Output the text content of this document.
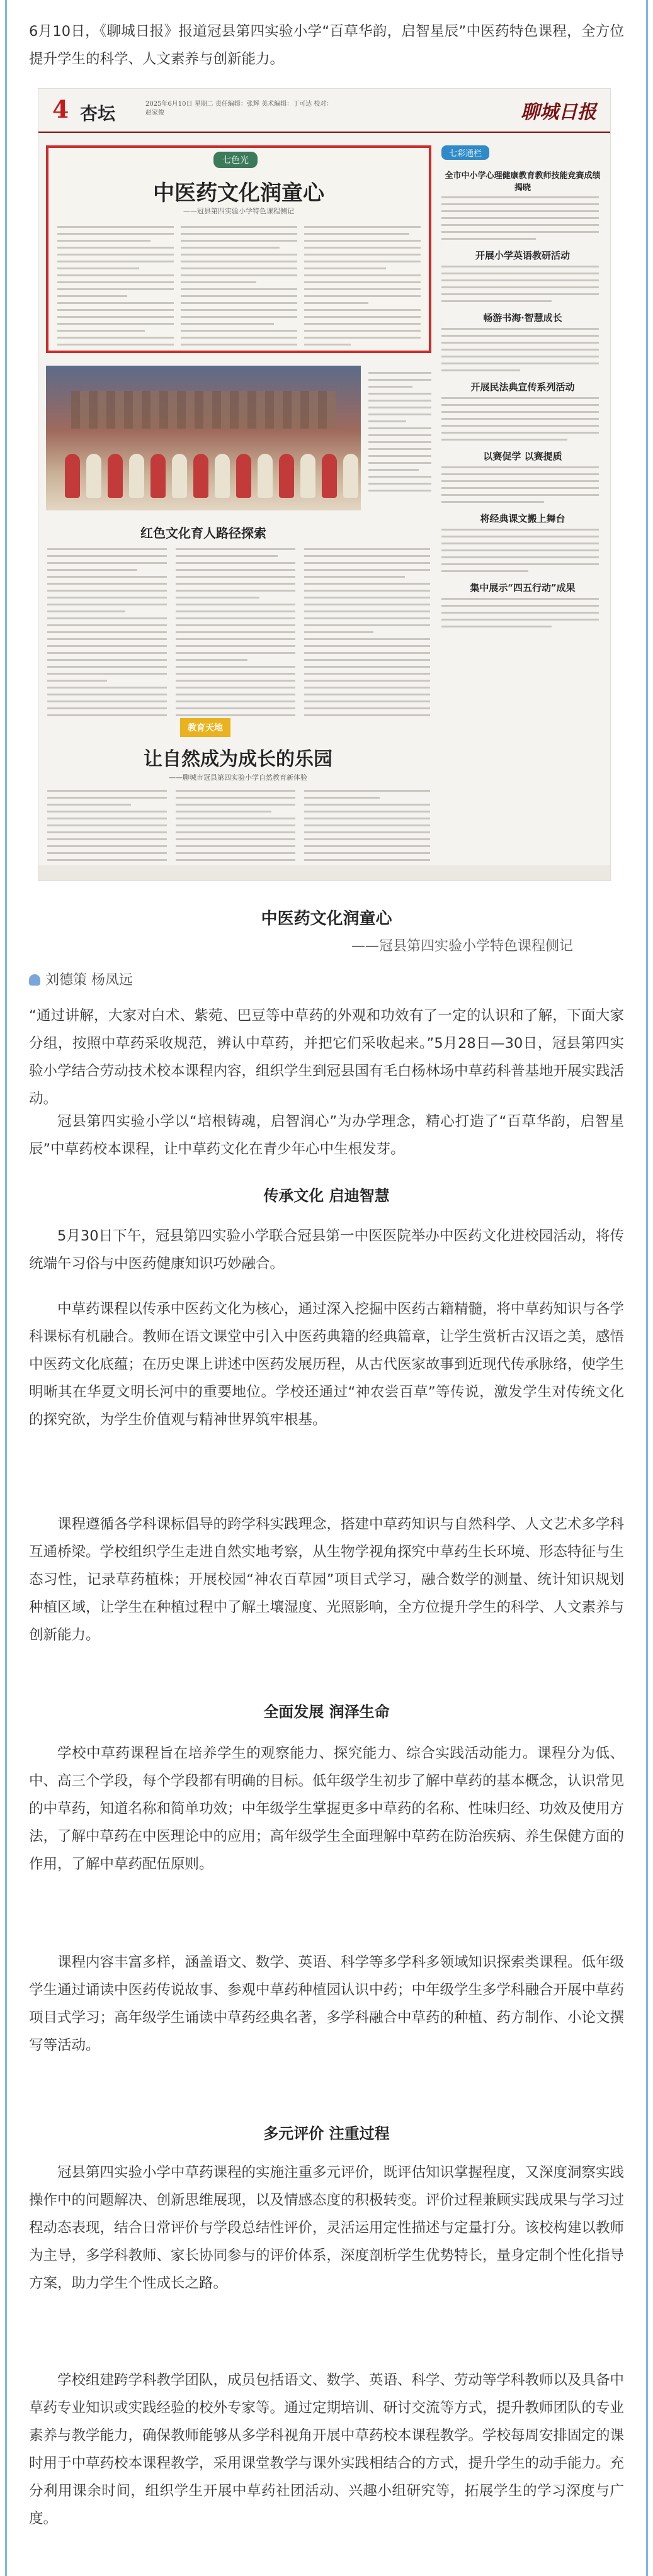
6月10日，《聊城日报》报道冠县第四实验小学“百草华韵，启智星辰”中医药特色课程，全方位提升学生的科学、人文素养与创新能力。

4 杏坛	2025年6月10日 星期二 责任编辑：张辉 美术编辑：丁可达 校对：赵家俊	聊城日报
七色光
中医药文化润童心
——冠县第四实验小学特色课程侧记
红色文化育人路径探索
教育天地
让自然成为成长的乐园
——聊城市冠县第四实验小学自然教育新体验
七彩通栏
全市中小学心理健康教育教师技能竞赛成绩揭晓
开展小学英语教研活动
畅游书海·智慧成长
开展民法典宣传系列活动
以赛促学 以赛提质
将经典课文搬上舞台
集中展示“四五行动”成果
中医药文化润童心
——冠县第四实验小学特色课程侧记
刘德策 杨凤远

“通过讲解，大家对白术、紫菀、巴豆等中草药的外观和功效有了一定的认识和了解，下面大家分组，按照中草药采收规范，辨认中草药，并把它们采收起来。”5月28日—30日，冠县第四实验小学结合劳动技术校本课程内容，组织学生到冠县国有毛白杨林场中草药科普基地开展实践活动。

冠县第四实验小学以“培根铸魂，启智润心”为办学理念，精心打造了“百草华韵，启智星辰”中草药校本课程，让中草药文化在青少年心中生根发芽。

传承文化 启迪智慧

5月30日下午，冠县第四实验小学联合冠县第一中医医院举办中医药文化进校园活动，将传统端午习俗与中医药健康知识巧妙融合。

中草药课程以传承中医药文化为核心，通过深入挖掘中医药古籍精髓，将中草药知识与各学科课标有机融合。教师在语文课堂中引入中医药典籍的经典篇章，让学生赏析古汉语之美，感悟中医药文化底蕴；在历史课上讲述中医药发展历程，从古代医家故事到近现代传承脉络，使学生明晰其在华夏文明长河中的重要地位。学校还通过“神农尝百草”等传说，激发学生对传统文化的探究欲，为学生价值观与精神世界筑牢根基。

课程遵循各学科课标倡导的跨学科实践理念，搭建中草药知识与自然科学、人文艺术多学科互通桥梁。学校组织学生走进自然实地考察，从生物学视角探究中草药生长环境、形态特征与生态习性，记录草药植株；开展校园“神农百草园”项目式学习，融合数学的测量、统计知识规划种植区域，让学生在种植过程中了解土壤湿度、光照影响，全方位提升学生的科学、人文素养与创新能力。

全面发展 润泽生命

学校中草药课程旨在培养学生的观察能力、探究能力、综合实践活动能力。课程分为低、中、高三个学段，每个学段都有明确的目标。低年级学生初步了解中草药的基本概念，认识常见的中草药，知道名称和简单功效；中年级学生掌握更多中草药的名称、性味归经、功效及使用方法，了解中草药在中医理论中的应用；高年级学生全面理解中草药在防治疾病、养生保健方面的作用，了解中草药配伍原则。

课程内容丰富多样，涵盖语文、数学、英语、科学等多学科多领域知识探索类课程。低年级学生通过诵读中医药传说故事、参观中草药种植园认识中药；中年级学生多学科融合开展中草药项目式学习；高年级学生诵读中草药经典名著，多学科融合中草药的种植、药方制作、小论文撰写等活动。

多元评价 注重过程

冠县第四实验小学中草药课程的实施注重多元评价，既评估知识掌握程度，又深度洞察实践操作中的问题解决、创新思维展现，以及情感态度的积极转变。评价过程兼顾实践成果与学习过程动态表现，结合日常评价与学段总结性评价，灵活运用定性描述与定量打分。该校构建以教师为主导，多学科教师、家长协同参与的评价体系，深度剖析学生优势特长，量身定制个性化指导方案，助力学生个性成长之路。

学校组建跨学科教学团队，成员包括语文、数学、英语、科学、劳动等学科教师以及具备中草药专业知识或实践经验的校外专家等。通过定期培训、研讨交流等方式，提升教师团队的专业素养与教学能力，确保教师能够从多学科视角开展中草药校本课程教学。学校每周安排固定的课时用于中草药校本课程教学，采用课堂教学与课外实践相结合的方式，提升学生的动手能力。充分利用课余时间，组织学生开展中草药社团活动、兴趣小组研究等，拓展学生的学习深度与广度。
